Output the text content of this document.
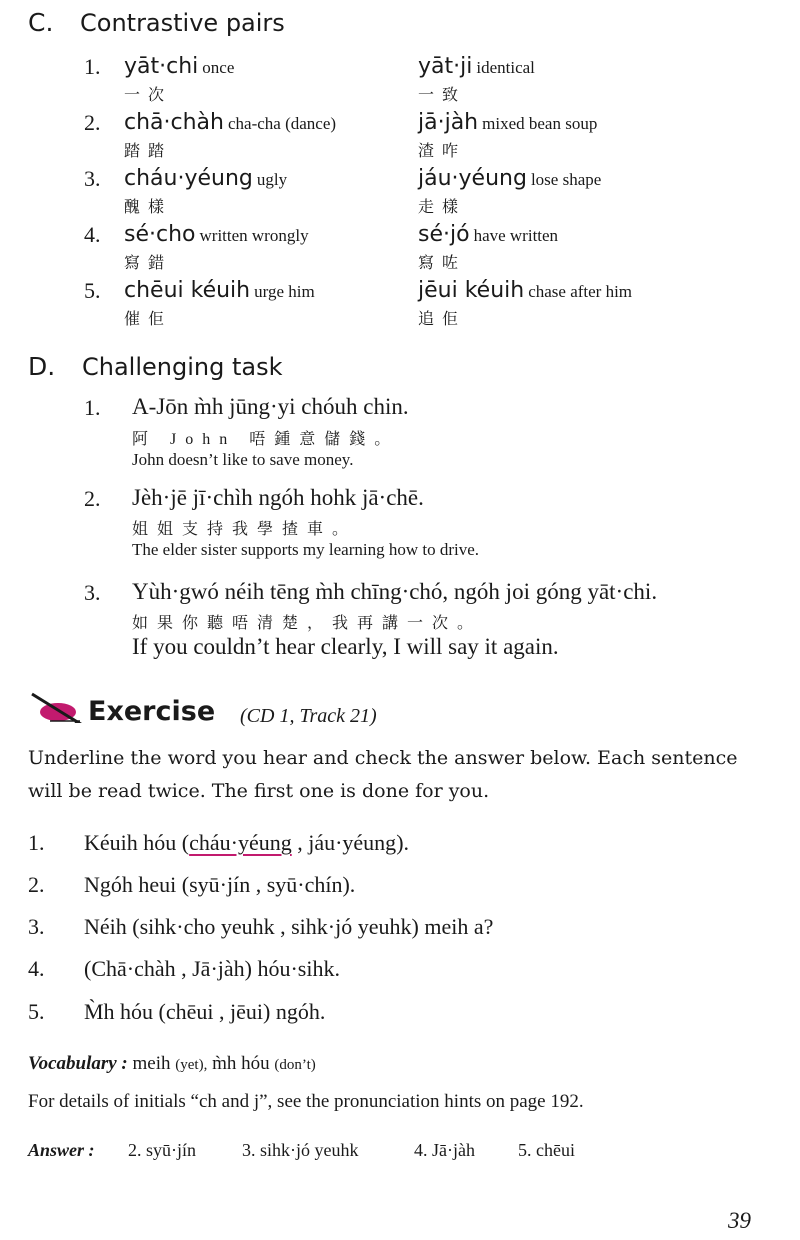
C. Contrastive pairs
1. yāt·chi once
一次
yāt·ji identical
一致
2. chā·chàh cha-cha (dance)
踏踏
jā·jàh mixed bean soup
渣咋
3. cháu·yéung ugly
醜樣
jáu·yéung lose shape
走樣
4. sé·cho written wrongly
寫錯
sé·jó have written
寫咗
5. chēui kéuih urge him
催佢
jēui kéuih chase after him
追佢
D. Challenging task
1. A-Jōn m̀h jūng·yi chóuh chin.
阿 John 唔鍾意儲錢。
John doesn’t like to save money.
2. Jèh·jē jī·chìh ngóh hohk jā·chē.
姐姐支持我學揸車。
The elder sister supports my learning how to drive.
3. Yùh·gwó néih tēng m̀h chīng·chó, ngóh joi góng yāt·chi.
如果你聽唔清楚，我再講一次。
If you couldn’t hear clearly, I will say it again.
Exercise (CD 1, Track 21)
Underline the word you hear and check the answer below. Each sentence will be read twice. The first one is done for you.
1. Kéuih hóu (cháu·yéung , jáu·yéung).
2. Ngóh heui (syū·jín , syū·chín).
3. Néih (sihk·cho yeuhk , sihk·jó yeuhk) meih a?
4. (Chā·chàh , Jā·jàh) hóu·sihk.
5. M̀h hóu (chēui , jēui) ngóh.
Vocabulary : meih (yet), m̀h hóu (don’t)
For details of initials “ch and j”, see the pronunciation hints on page 192.
Answer : 2. syū·jín	3. sihk·jó yeuhk	4. Jā·jàh 5. chēui
39
